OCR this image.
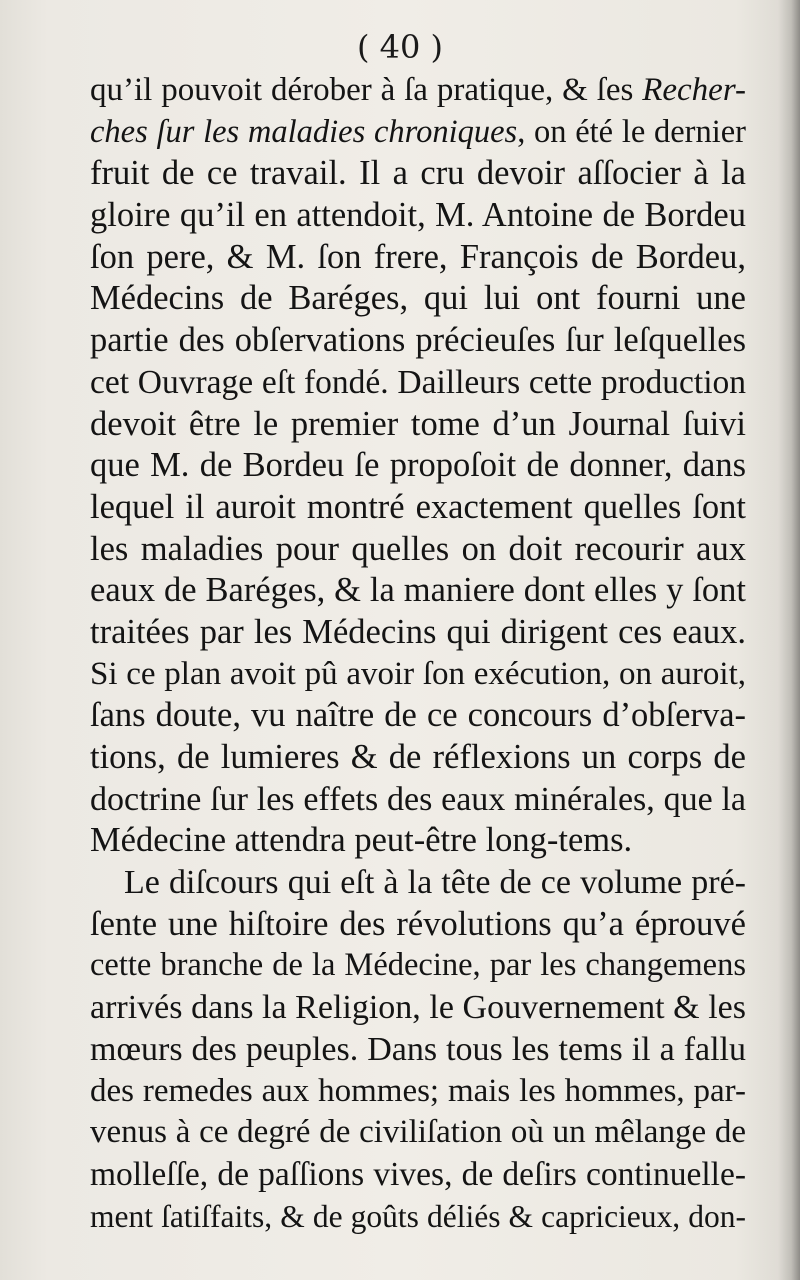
( 40 )
qu’il pouvoit dérober à ſa pratique, & ſes Recher-
ches ſur les maladies chroniques, on été le dernier
fruit de ce travail. Il a cru devoir aſſocier à la
gloire qu’il en attendoit, M. Antoine de Bordeu
ſon pere, & M. ſon frere, François de Bordeu,
Médecins de Baréges, qui lui ont fourni une
partie des obſervations précieuſes ſur leſquelles
cet Ouvrage eſt fondé. Dailleurs cette production
devoit être le premier tome d’un Journal ſuivi
que M. de Bordeu ſe propoſoit de donner, dans
lequel il auroit montré exactement quelles ſont
les maladies pour quelles on doit recourir aux
eaux de Baréges, & la maniere dont elles y ſont
traitées par les Médecins qui dirigent ces eaux.
Si ce plan avoit pû avoir ſon exécution, on auroit,
ſans doute, vu naître de ce concours d’obſerva-
tions, de lumieres & de réflexions un corps de
doctrine ſur les effets des eaux minérales, que la
Médecine attendra peut-être long-tems.
Le diſcours qui eſt à la tête de ce volume pré-
ſente une hiſtoire des révolutions qu’a éprouvé
cette branche de la Médecine, par les changemens
arrivés dans la Religion, le Gouvernement & les
mœurs des peuples. Dans tous les tems il a fallu
des remedes aux hommes; mais les hommes, par-
venus à ce degré de civiliſation où un mêlange de
molleſſe, de paſſions vives, de deſirs continuelle-
ment ſatiſfaits, & de goûts déliés & capricieux, don-
